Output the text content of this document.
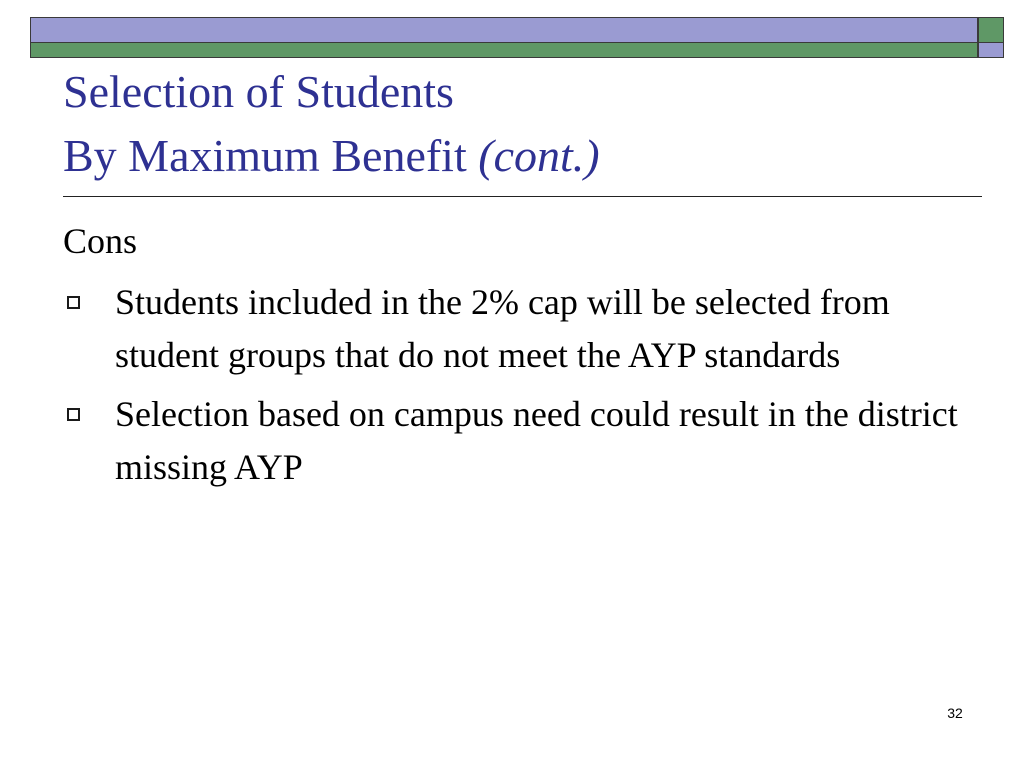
Selection of Students
By Maximum Benefit (cont.)

Cons

Students included in the 2% cap will be selected from student groups that do not meet the AYP standards
Selection based on campus need could result in the district missing AYP
32
